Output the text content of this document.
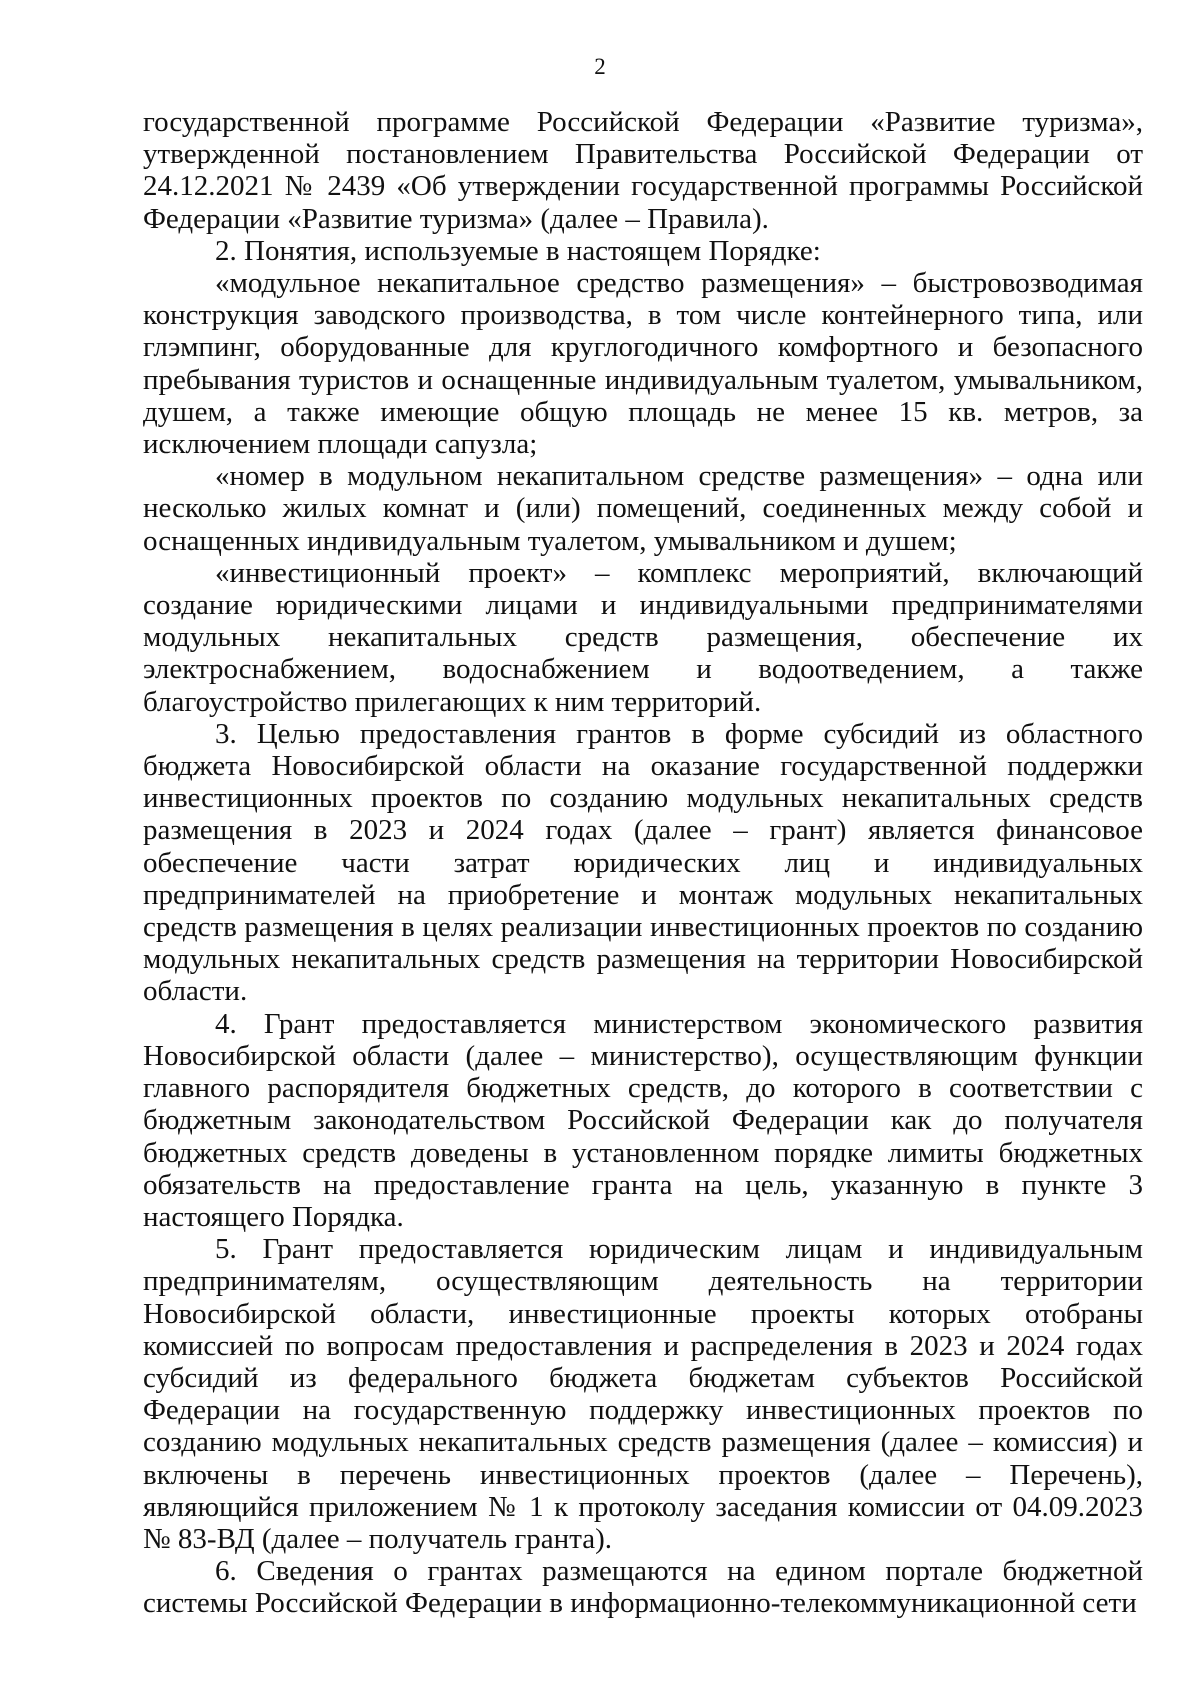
2

государственной программе Российской Федерации «Развитие туризма», утвержденной постановлением Правительства Российской Федерации от 24.12.2021 № 2439 «Об утверждении государственной программы Российской Федерации «Развитие туризма» (далее – Правила).

2. Понятия, используемые в настоящем Порядке:

«модульное некапитальное средство размещения» – быстровозводимая конструкция заводского производства, в том числе контейнерного типа, или глэмпинг, оборудованные для круглогодичного комфортного и безопасного пребывания туристов и оснащенные индивидуальным туалетом, умывальником, душем, а также имеющие общую площадь не менее 15 кв. метров, за исключением площади сапузла;

«номер в модульном некапитальном средстве размещения» – одна или несколько жилых комнат и (или) помещений, соединенных между собой и оснащенных индивидуальным туалетом, умывальником и душем;

«инвестиционный проект» – комплекс мероприятий, включающий создание юридическими лицами и индивидуальными предпринимателями модульных некапитальных средств размещения, обеспечение их электроснабжением, водоснабжением и водоотведением, а также благоустройство прилегающих к ним территорий.

3. Целью предоставления грантов в форме субсидий из областного бюджета Новосибирской области на оказание государственной поддержки инвестиционных проектов по созданию модульных некапитальных средств размещения в 2023 и 2024 годах (далее – грант) является финансовое обеспечение части затрат юридических лиц и индивидуальных предпринимателей на приобретение и монтаж модульных некапитальных средств размещения в целях реализации инвестиционных проектов по созданию модульных некапитальных средств размещения на территории Новосибирской области.

4. Грант предоставляется министерством экономического развития Новосибирской области (далее – министерство), осуществляющим функции главного распорядителя бюджетных средств, до которого в соответствии с бюджетным законодательством Российской Федерации как до получателя бюджетных средств доведены в установленном порядке лимиты бюджетных обязательств на предоставление гранта на цель, указанную в пункте 3 настоящего Порядка.

5. Грант предоставляется юридическим лицам и индивидуальным предпринимателям, осуществляющим деятельность на территории Новосибирской области, инвестиционные проекты которых отобраны комиссией по вопросам предоставления и распределения в 2023 и 2024 годах субсидий из федерального бюджета бюджетам субъектов Российской Федерации на государственную поддержку инвестиционных проектов по созданию модульных некапитальных средств размещения (далее – комиссия) и включены в перечень инвестиционных проектов (далее – Перечень), являющийся приложением № 1 к протоколу заседания комиссии от 04.09.2023 № 83-ВД (далее – получатель гранта).

6. Сведения о грантах размещаются на едином портале бюджетной системы Российской Федерации в информационно-телекоммуникационной сети
